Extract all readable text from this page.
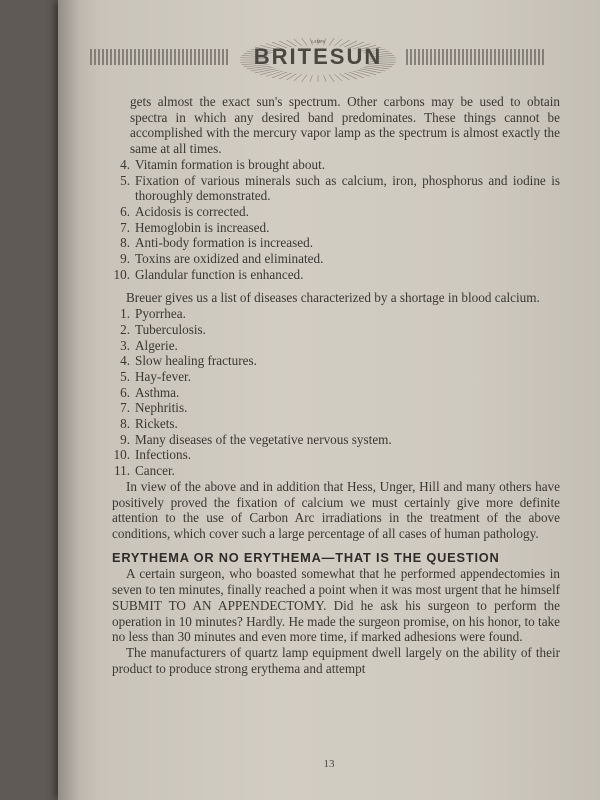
LAMPS
BRITESUN

gets almost the exact sun's spectrum. Other carbons may be used to obtain spectra in which any desired band predominates. These things cannot be accomplished with the mercury vapor lamp as the spectrum is almost exactly the same at all times.

4. Vitamin formation is brought about.
5. Fixation of various minerals such as calcium, iron, phosphorus and iodine is thoroughly demonstrated.
6. Acidosis is corrected.
7. Hemoglobin is increased.
8. Anti-body formation is increased.
9. Toxins are oxidized and eliminated.
10. Glandular function is enhanced.

Breuer gives us a list of diseases characterized by a shortage in blood calcium.

1. Pyorrhea.
2. Tuberculosis.
3. Algerie.
4. Slow healing fractures.
5. Hay-fever.
6. Asthma.
7. Nephritis.
8. Rickets.
9. Many diseases of the vegetative nervous system.
10. Infections.
11. Cancer.

In view of the above and in addition that Hess, Unger, Hill and many others have positively proved the fixation of calcium we must certainly give more definite attention to the use of Carbon Arc irradiations in the treatment of the above conditions, which cover such a large percentage of all cases of human pathology.

ERYTHEMA OR NO ERYTHEMA—THAT IS THE QUESTION

A certain surgeon, who boasted somewhat that he performed appendectomies in seven to ten minutes, finally reached a point when it was most urgent that he himself SUBMIT TO AN APPENDECTOMY. Did he ask his surgeon to perform the operation in 10 minutes? Hardly. He made the surgeon promise, on his honor, to take no less than 30 minutes and even more time, if marked adhesions were found.

The manufacturers of quartz lamp equipment dwell largely on the ability of their product to produce strong erythema and attempt

13
